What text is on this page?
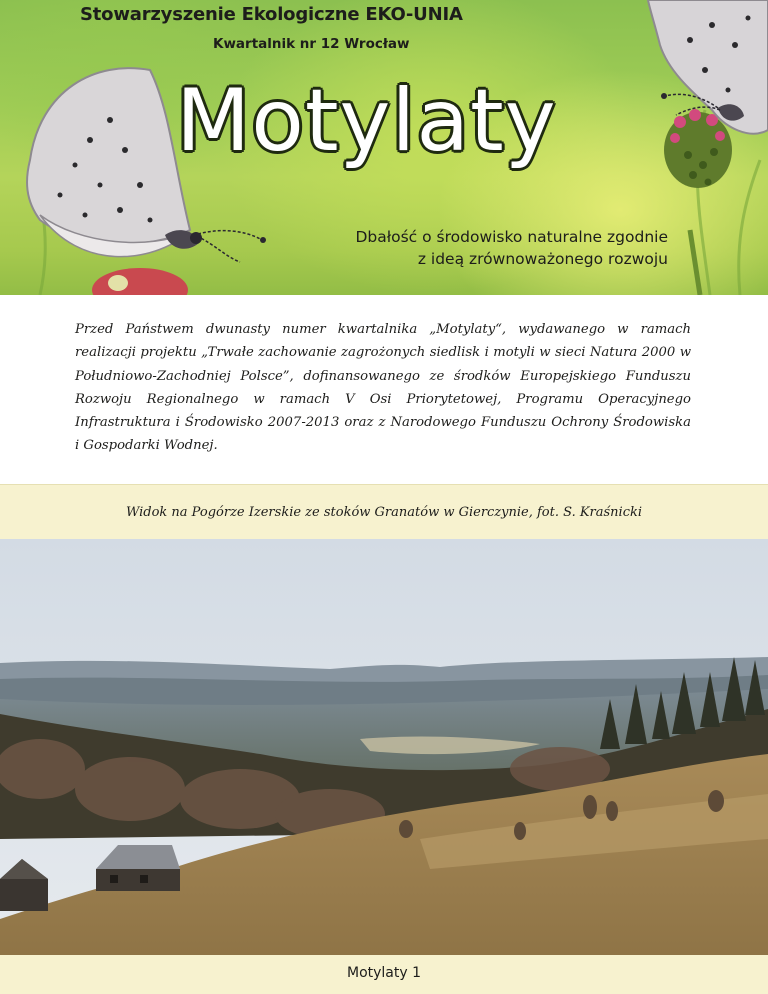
Stowarzyszenie Ekologiczne EKO-UNIA
Kwartalnik nr 12 Wrocław
Motylaty
Dbałość o środowisko naturalne zgodnie
z ideą zrównoważonego rozwoju

Przed Państwem dwunasty numer kwartalnika „Motylaty“, wydawanego w ramach realizacji projektu „Trwałe zachowanie zagrożonych siedlisk i motyli w sieci Natura 2000 w Południowo-Zachodniej Polsce”, dofinansowanego ze środków Europejskiego Funduszu Rozwoju Regionalnego w ramach V Osi Priorytetowej, Programu Operacyjnego Infrastruktura i Środowisko 2007-2013 oraz z Narodowego Funduszu Ochrony Środowiska i Gospodarki Wodnej.

Widok na Pogórze Izerskie ze stoków Granatów w Gierczynie, fot. S. Kraśnicki
Motylaty 1
